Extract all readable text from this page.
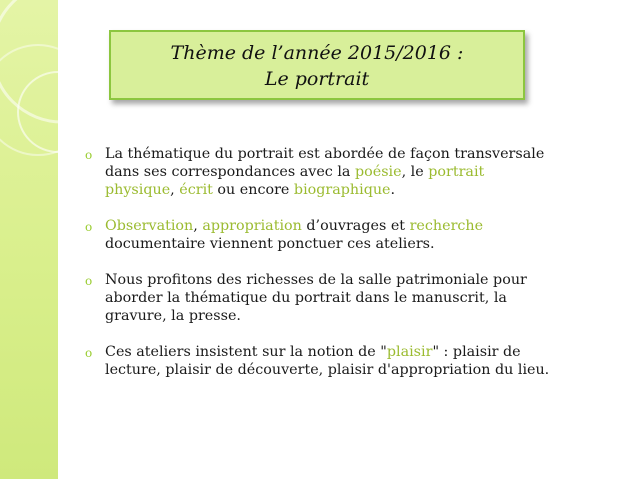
Thème de l’année 2015/2016 :
Le portrait
o La thématique du portrait est abordée de façon transversale dans ses correspondances avec la poésie, le portrait physique, écrit ou encore biographique.
o Observation, appropriation d’ouvrages et recherche documentaire viennent ponctuer ces ateliers.
o Nous profitons des richesses de la salle patrimoniale pour aborder la thématique du portrait dans le manuscrit, la gravure, la presse.
o Ces ateliers insistent sur la notion de "plaisir" : plaisir de lecture, plaisir de découverte, plaisir d'appropriation du lieu.
